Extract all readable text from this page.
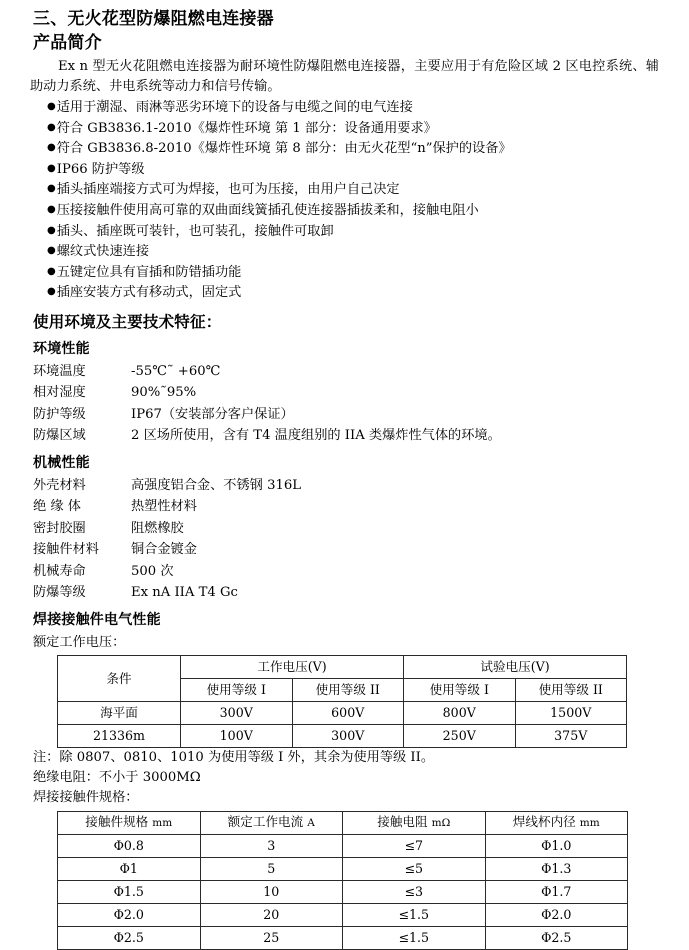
三、无火花型防爆阻燃电连接器
产品简介

Ex n 型无火花阻燃电连接器为耐环境性防爆阻燃电连接器，主要应用于有危险区域 2 区电控系统、辅助动力系统、井电系统等动力和信号传输。

●适用于潮湿、雨淋等恶劣环境下的设备与电缆之间的电气连接
●符合 GB3836.1-2010《爆炸性环境 第 1 部分：设备通用要求》
●符合 GB3836.8-2010《爆炸性环境 第 8 部分：由无火花型“n”保护的设备》
●IP66 防护等级
●插头插座端接方式可为焊接，也可为压接，由用户自己决定
●压接接触件使用高可靠的双曲面线簧插孔使连接器插拔柔和，接触电阻小
●插头、插座既可装针，也可装孔，接触件可取卸
●螺纹式快速连接
●五键定位具有盲插和防错插功能
●插座安装方式有移动式，固定式
使用环境及主要技术特征：
环境性能
环境温度	-55℃˜ +60℃
相对湿度	90%˜95%
防护等级	IP67（安装部分客户保证）
防爆区域	2 区场所使用，含有 T4 温度组别的 IIA 类爆炸性气体的环境。
机械性能
外壳材料	高强度铝合金、不锈钢 316L
绝 缘 体	热塑性材料
密封胶圈	阻燃橡胶
接触件材料	铜合金镀金
机械寿命	500 次
防爆等级	Ex nA IIA T4 Gc
焊接接触件电气性能
额定工作电压：
条件	工作电压(V)		试验电压(V)	
	使用等级 I	使用等级 II	使用等级 I	使用等级 II
海平面	300V	600V	800V	1500V
21336m	100V	300V	250V	375V
注：除 0807、0810、1010 为使用等级 I 外，其余为使用等级 II。
绝缘电阻：不小于 3000MΩ
焊接接触件规格：
接触件规格 mm	额定工作电流 A	接触电阻 mΩ	焊线杯内径 mm
Φ0.8	3	≤7	Φ1.0
Φ1	5	≤5	Φ1.3
Φ1.5	10	≤3	Φ1.7
Φ2.0	20	≤1.5	Φ2.0
Φ2.5	25	≤1.5	Φ2.5
